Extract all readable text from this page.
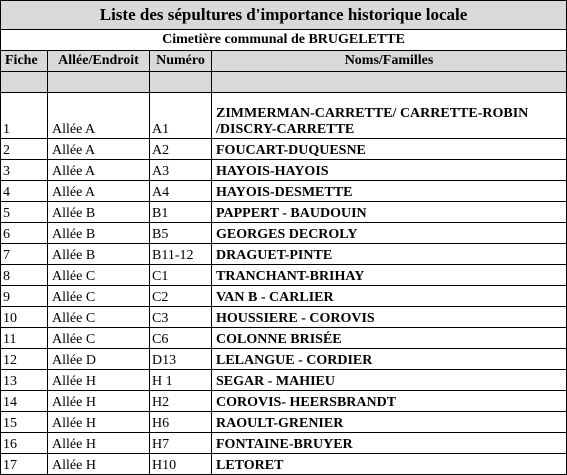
Liste des sépultures d'importance historique locale			
Cimetière communal de BRUGELETTE			
Fiche	Allée/Endroit	Numéro	Noms/Familles

1	Allée A	A1	ZIMMERMAN-CARRETTE/ CARRETTE-ROBIN
/DISCRY-CARRETTE

2	Allée A	A2	FOUCART-DUQUESNE
3	Allée A	A3	HAYOIS-HAYOIS
4	Allée A	A4	HAYOIS-DESMETTE
5	Allée B	B1	PAPPERT - BAUDOUIN
6	Allée B	B5	GEORGES DECROLY
7	Allée B	B11-12	DRAGUET-PINTE
8	Allée C	C1	TRANCHANT-BRIHAY
9	Allée C	C2	VAN B - CARLIER
10	Allée C	C3	HOUSSIERE - COROVIS
11	Allée C	C6	COLONNE BRISÉE
12	Allée D	D13	LELANGUE - CORDIER
13	Allée H	H 1	SEGAR - MAHIEU
14	Allée H	H2	COROVIS- HEERSBRANDT
15	Allée H	H6	RAOULT-GRENIER
16	Allée H	H7	FONTAINE-BRUYER
17	Allée H	H10	LETORET
